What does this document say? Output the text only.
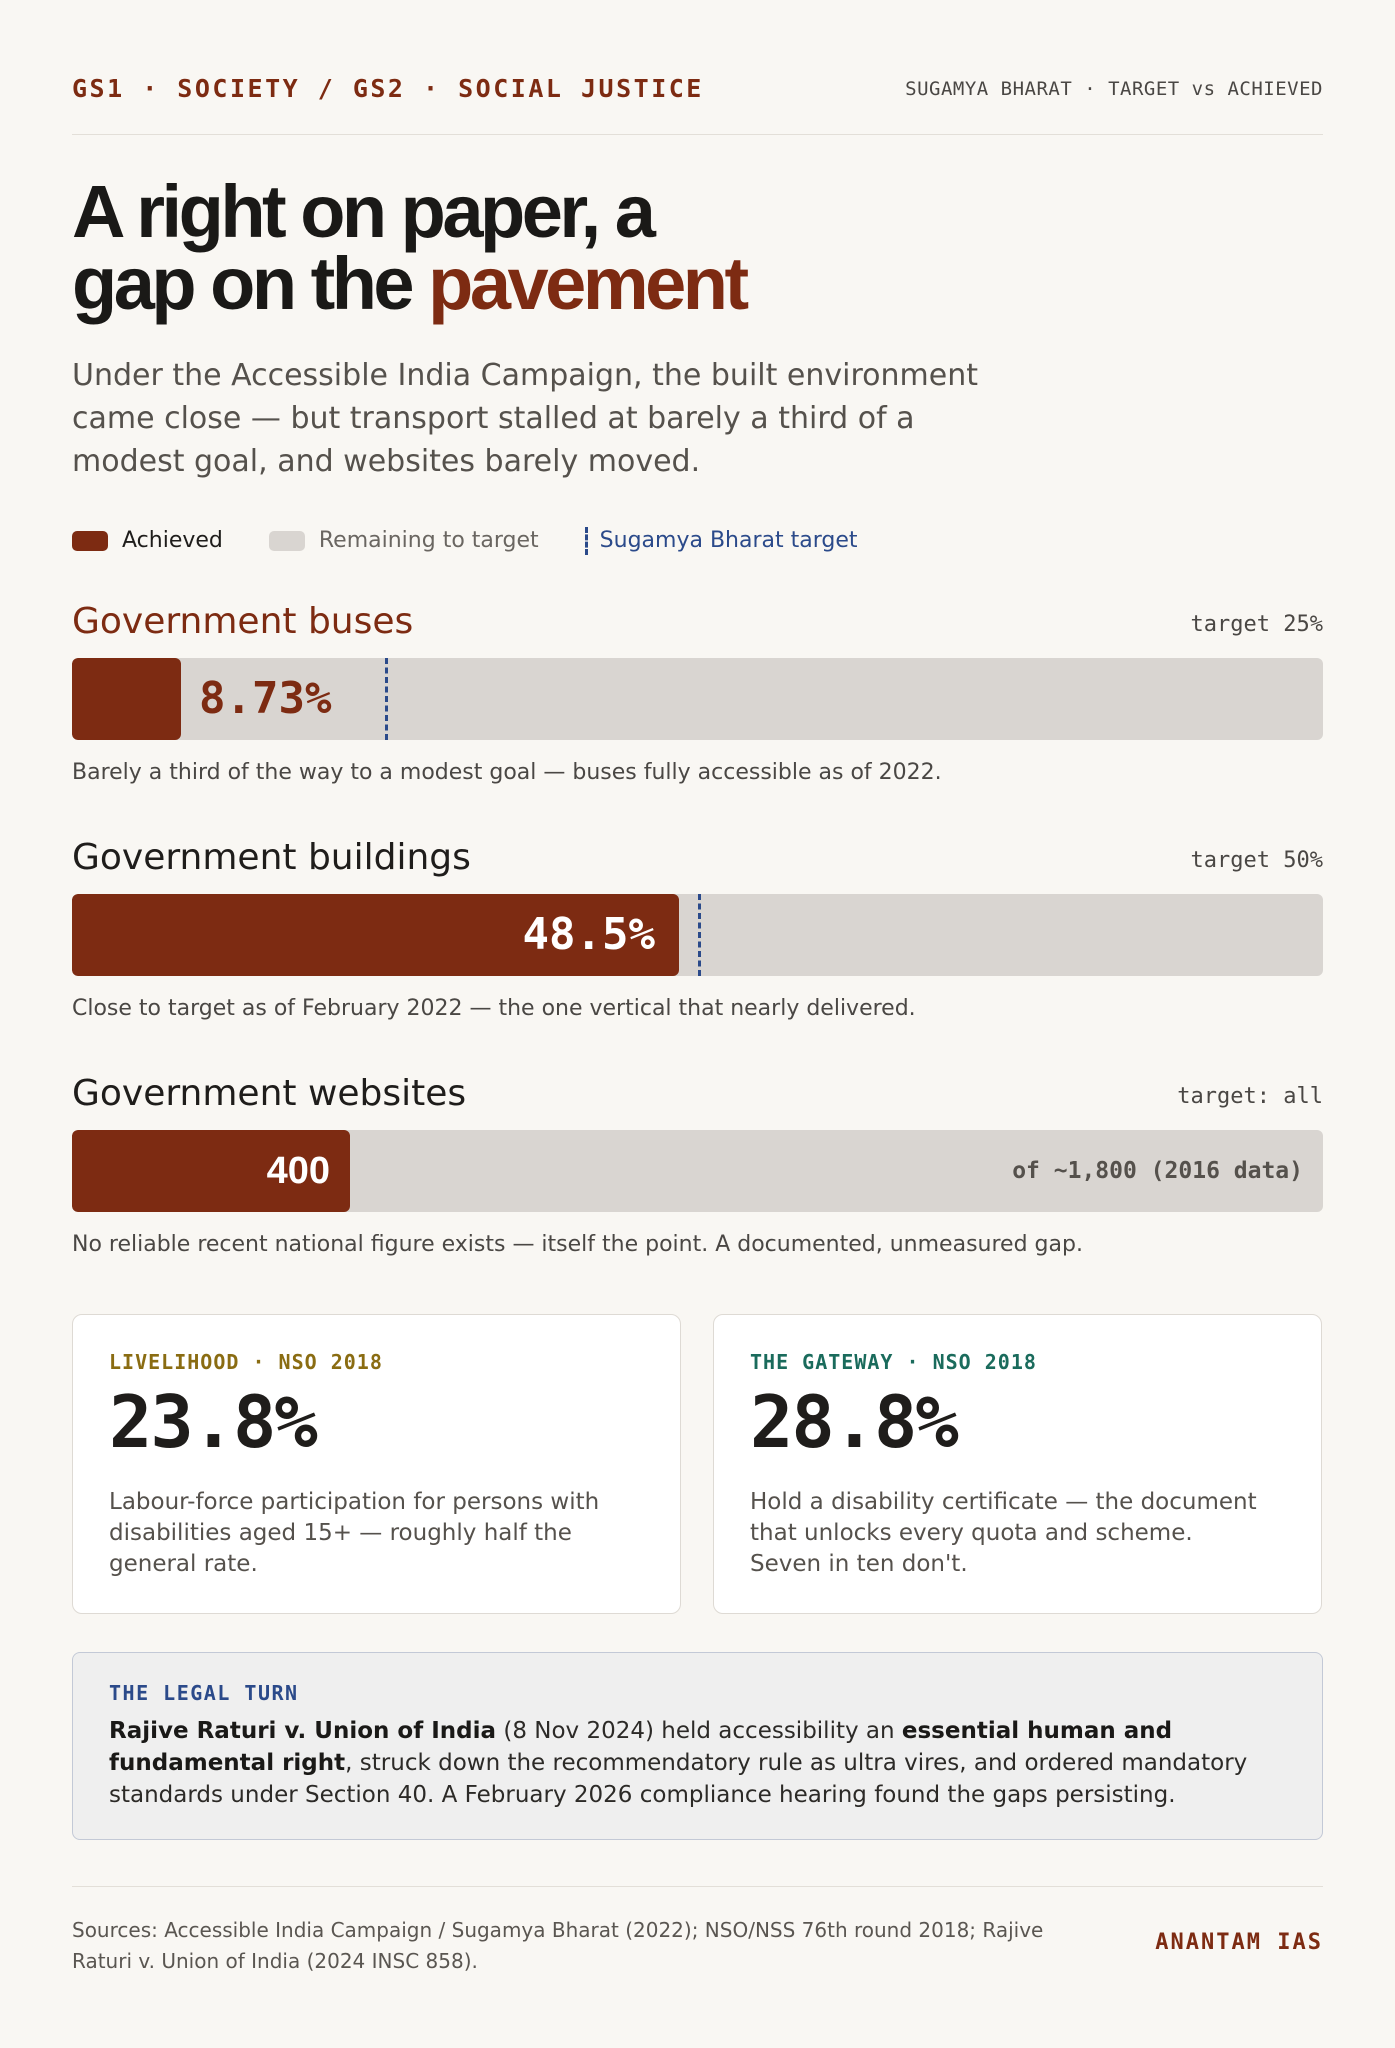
GS1 · SOCIETY / GS2 · SOCIAL JUSTICE	SUGAMYA BHARAT · TARGET vs ACHIEVED
A right on paper, a
gap on the pavement

Under the Accessible India Campaign, the built environment came close — but transport stalled at barely a third of a modest goal, and websites barely moved.

Achieved	Remaining to target	Sugamya Bharat target
Government buses	target 25%
8.73%
Barely a third of the way to a modest goal — buses fully accessible as of 2022.
Government buildings	target 50%
48.5%
Close to target as of February 2022 — the one vertical that nearly delivered.
Government websites	target: all
400	of ~1,800 (2016 data)
No reliable recent national figure exists — itself the point. A documented, unmeasured gap.
LIVELIHOOD · NSO 2018
23.8%
Labour-force participation for persons with disabilities aged 15+ — roughly half the general rate.
THE GATEWAY · NSO 2018
28.8%
Hold a disability certificate — the document that unlocks every quota and scheme. Seven in ten don't.
THE LEGAL TURN
Rajive Raturi v. Union of India (8 Nov 2024) held accessibility an essential human and fundamental right, struck down the recommendatory rule as ultra vires, and ordered mandatory standards under Section 40. A February 2026 compliance hearing found the gaps persisting.
Sources: Accessible India Campaign / Sugamya Bharat (2022); NSO/NSS 76th round 2018; Rajive Raturi v. Union of India (2024 INSC 858).
ANANTAM IAS
